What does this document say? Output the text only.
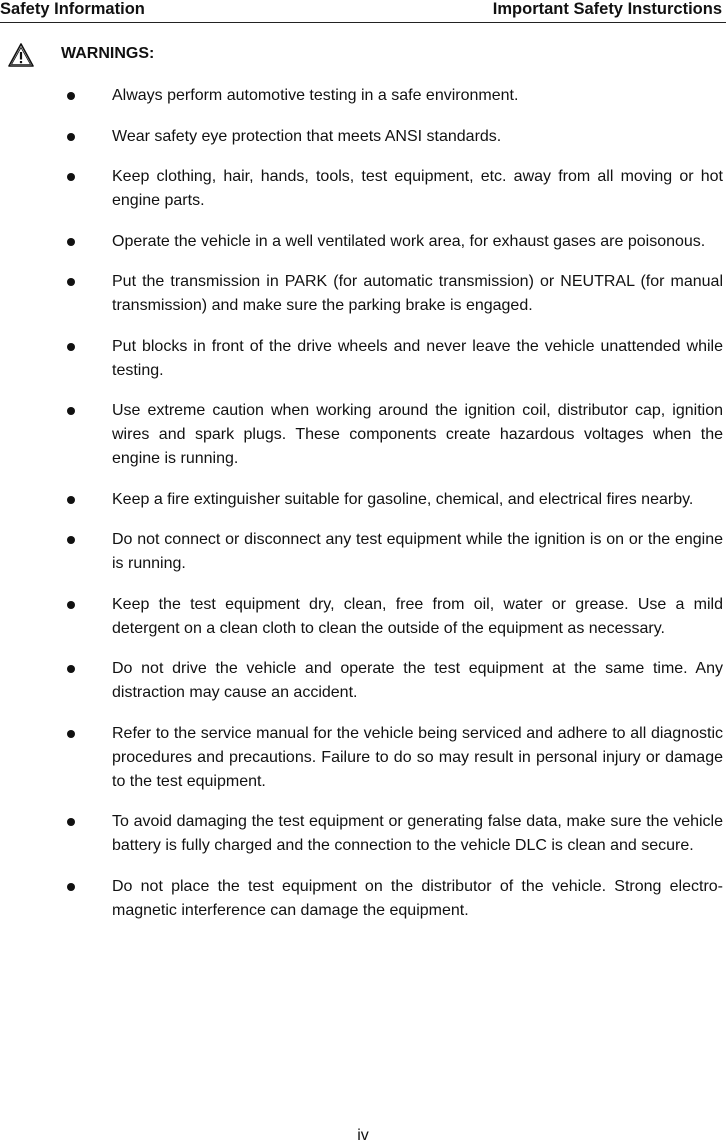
Safety Information	Important Safety Insturctions
WARNINGS:
Always perform automotive testing in a safe environment.
Wear safety eye protection that meets ANSI standards.
Keep clothing, hair, hands, tools, test equipment, etc. away from all moving or hot engine parts.
Operate the vehicle in a well ventilated work area, for exhaust gases are poisonous.
Put the transmission in PARK (for automatic transmission) or NEUTRAL (for manual transmission) and make sure the parking brake is engaged.
Put blocks in front of the drive wheels and never leave the vehicle unattended while testing.
Use extreme caution when working around the ignition coil, distributor cap, ignition wires and spark plugs. These components create hazardous voltages when the engine is running.
Keep a fire extinguisher suitable for gasoline, chemical, and electrical fires nearby.
Do not connect or disconnect any test equipment while the ignition is on or the engine is running.
Keep the test equipment dry, clean, free from oil, water or grease. Use a mild detergent on a clean cloth to clean the outside of the equipment as necessary.
Do not drive the vehicle and operate the test equipment at the same time. Any distraction may cause an accident.
Refer to the service manual for the vehicle being serviced and adhere to all diagnostic procedures and precautions. Failure to do so may result in personal injury or damage to the test equipment.
To avoid damaging the test equipment or generating false data, make sure the vehicle battery is fully charged and the connection to the vehicle DLC is clean and secure.
Do not place the test equipment on the distributor of the vehicle. Strong electro-magnetic interference can damage the equipment.
iv
